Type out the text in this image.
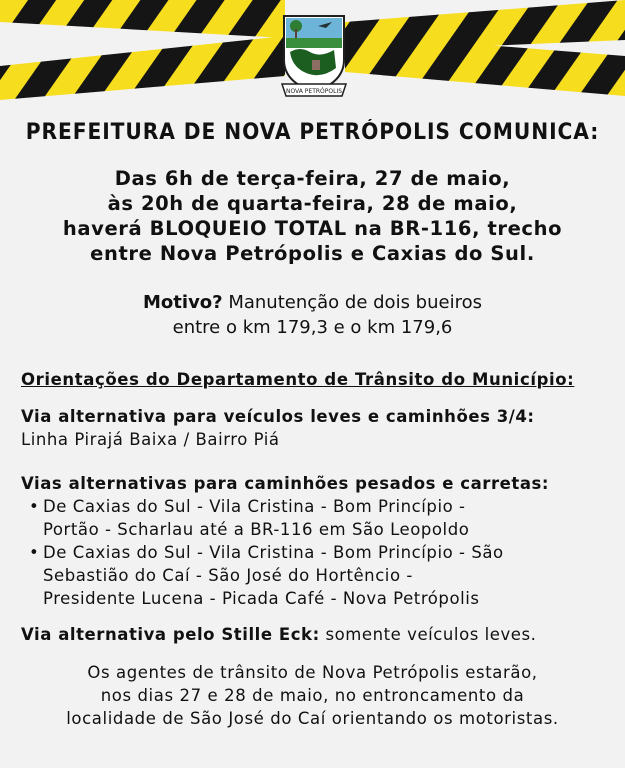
NOVA PETRÓPOLIS
PREFEITURA DE NOVA PETRÓPOLIS COMUNICA:
Das 6h de terça-feira, 27 de maio,
às 20h de quarta-feira, 28 de maio,
haverá BLOQUEIO TOTAL na BR-116, trecho
entre Nova Petrópolis e Caxias do Sul.
Motivo? Manutenção de dois bueiros
entre o km 179,3 e o km 179,6
Orientações do Departamento de Trânsito do Município:
Via alternativa para veículos leves e caminhões 3/4:
Linha Pirajá Baixa / Bairro Piá
Vias alternativas para caminhões pesados e carretas:
• De Caxias do Sul - Vila Cristina - Bom Princípio -
Portão - Scharlau até a BR-116 em São Leopoldo
• De Caxias do Sul - Vila Cristina - Bom Princípio - São
Sebastião do Caí - São José do Hortêncio -
Presidente Lucena - Picada Café - Nova Petrópolis
Via alternativa pelo Stille Eck: somente veículos leves.
Os agentes de trânsito de Nova Petrópolis estarão,
nos dias 27 e 28 de maio, no entroncamento da
localidade de São José do Caí orientando os motoristas.
